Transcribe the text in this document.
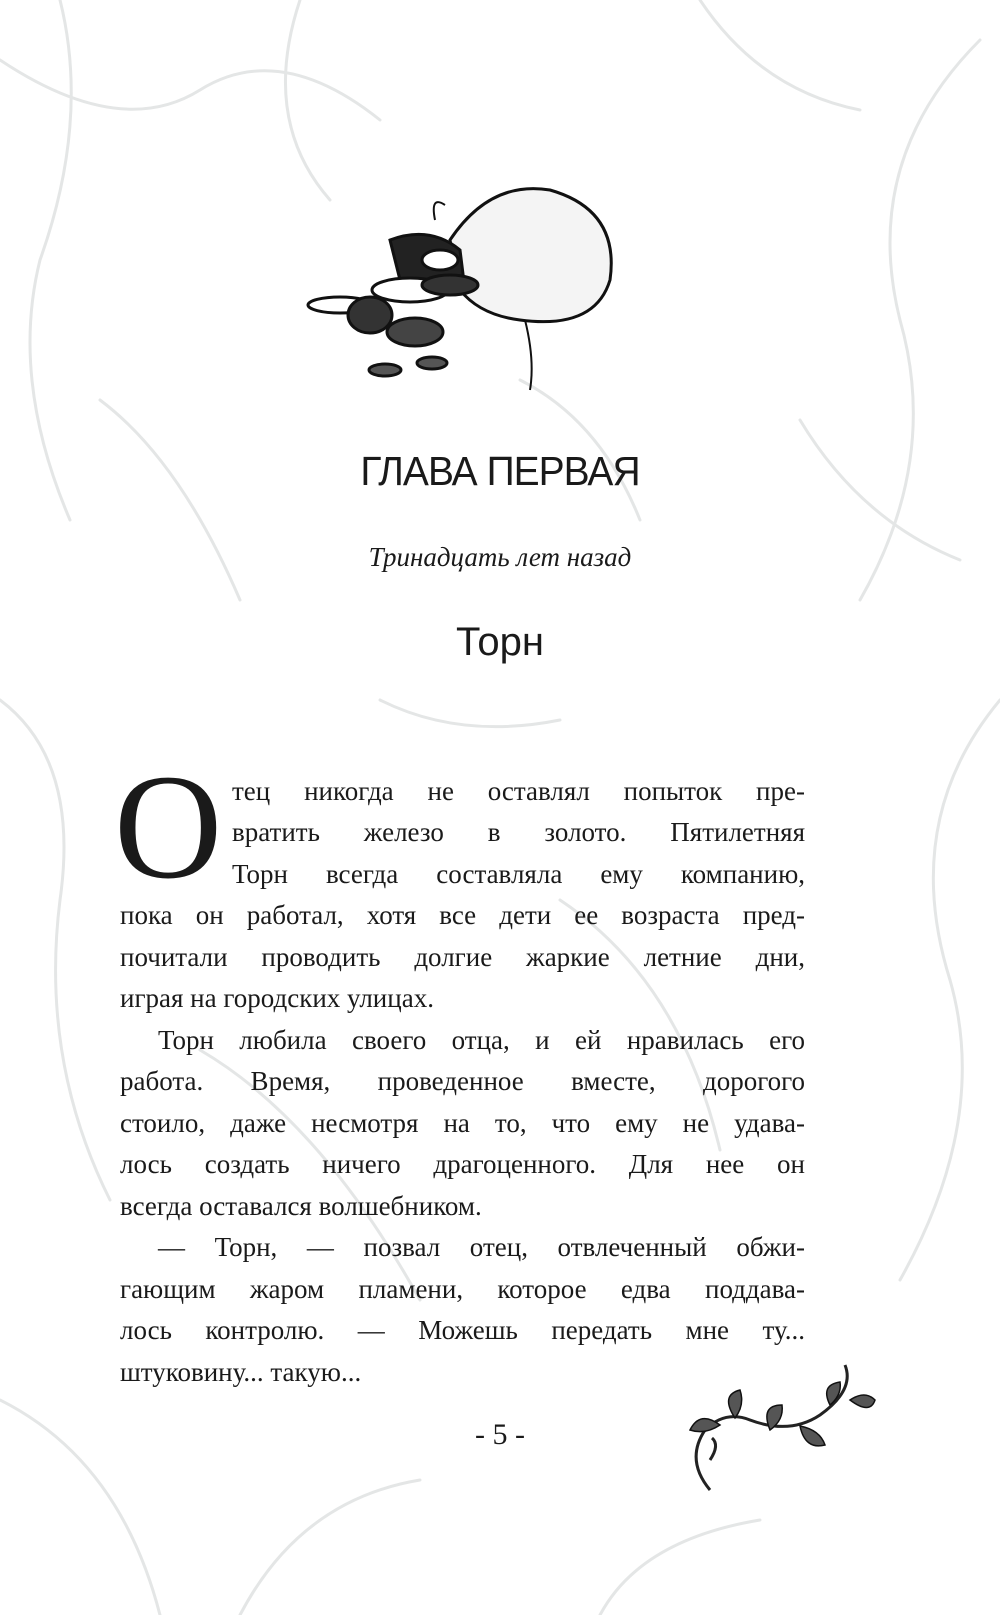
ГЛАВА ПЕРВАЯ
Тринадцать лет назад
Торн
О тец никогда не оставлял попыток пре-
вратить железо в золото. Пятилетняя
Торн всегда составляла ему компанию,
пока он работал, хотя все дети ее возраста пред-
почитали проводить долгие жаркие летние дни,
играя на городских улицах.
Торн любила своего отца, и ей нравилась его
работа. Время, проведенное вместе, дорогого
стоило, даже несмотря на то, что ему не удава-
лось создать ничего драгоценного. Для нее он
всегда оставался волшебником.
— Торн, — позвал отец, отвлеченный обжи-
гающим жаром пламени, которое едва поддава-
лось контролю. — Можешь передать мне ту...
штуковину... такую...
- 5 -
